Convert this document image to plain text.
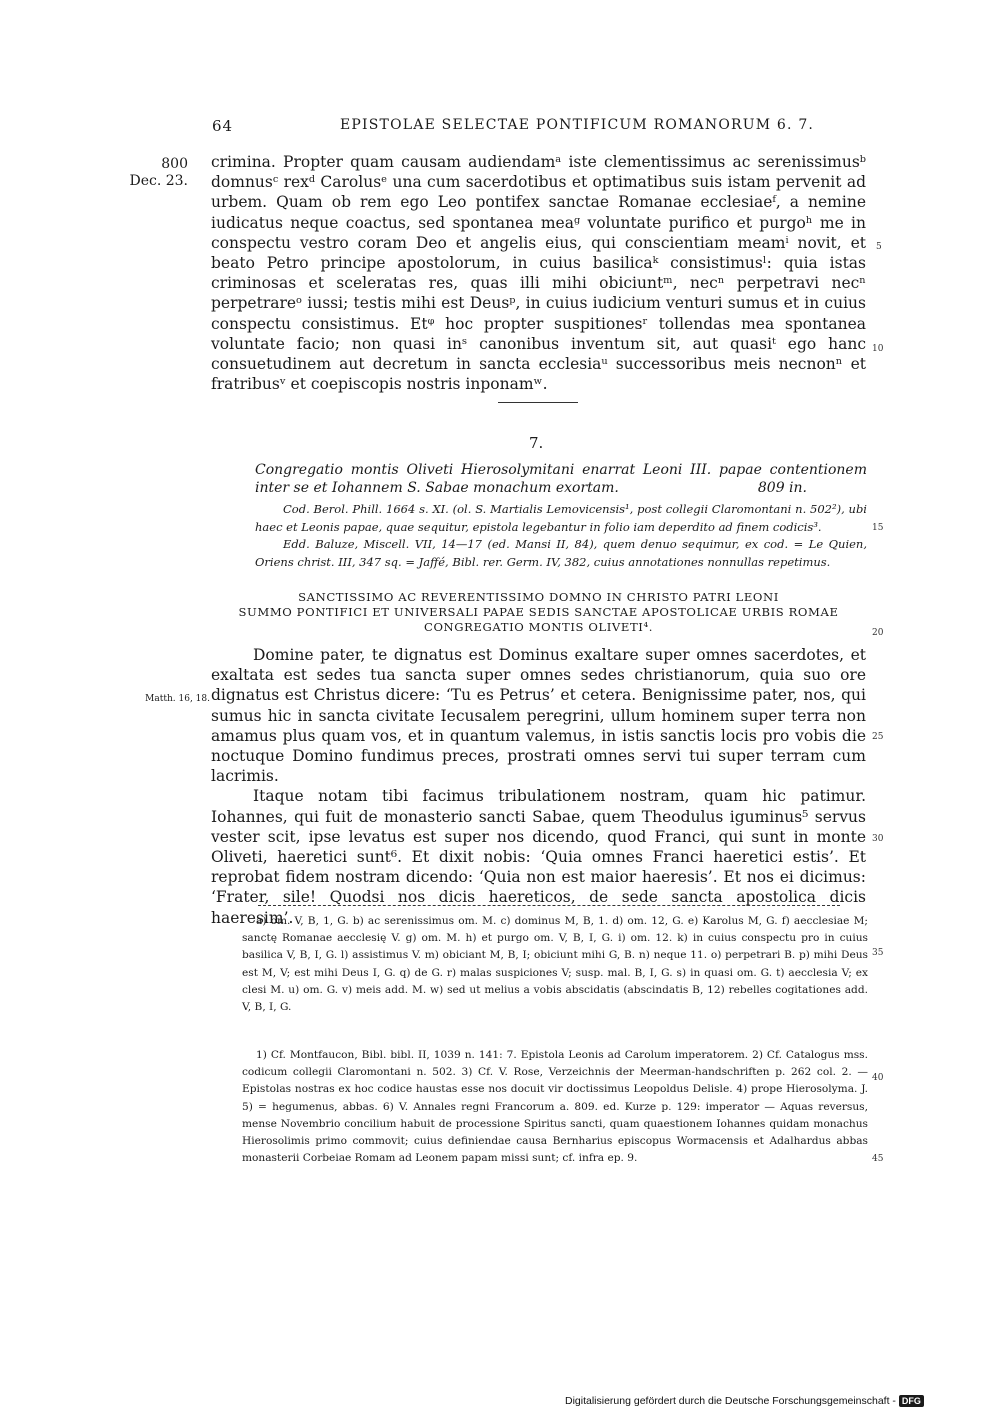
64	EPISTOLAE SELECTAE PONTIFICUM ROMANORUM 6. 7.
800
Dec. 23.
Matth. 16, 18.
5
10
15
20
25
30
35
40
45

crimina. Propter quam causam audiendamᵃ iste clementissimus ac serenissimusᵇ domnusᶜ rexᵈ Carolusᵉ una cum sacerdotibus et optimatibus suis istam pervenit ad urbem. Quam ob rem ego Leo pontifex sanctae Romanae ecclesiaeᶠ, a nemine iudicatus neque coactus, sed spontanea meaᵍ voluntate purifico et purgoʰ me in conspectu vestro coram Deo et angelis eius, qui conscientiam meamⁱ novit, et beato Petro principe apostolorum, in cuius basilicaᵏ consistimusˡ: quia istas criminosas et sceleratas res, quas illi mihi obiciuntᵐ, necⁿ perpetravi necⁿ perpetrareᵒ iussi; testis mihi est Deusᵖ, in cuius iudicium venturi sumus et in cuius conspectu consistimus. Etᵠ hoc propter suspitionesʳ tollendas mea spontanea voluntate facio; non quasi inˢ canonibus inventum sit, aut quasiᵗ ego hanc consuetudinem aut decretum in sancta ecclesiaᵘ successoribus meis necnonⁿ et fratribusᵛ et coepiscopis nostris inponamʷ.

7.
Congregatio montis Oliveti Hierosolymitani enarrat Leoni III. papae contentionem inter se et Iohannem S. Sabae monachum exortam.	809 in.

Cod. Berol. Phill. 1664 s. XI. (ol. S. Martialis Lemovicensis¹, post collegii Claromontani n. 502²), ubi haec et Leonis papae, quae sequitur, epistola legebantur in folio iam deperdito ad finem codicis³.

Edd. Baluze, Miscell. VII, 14—17 (ed. Mansi II, 84), quem denuo sequimur, ex cod. = Le Quien, Oriens christ. III, 347 sq. = Jaffé, Bibl. rer. Germ. IV, 382, cuius annotationes nonnullas repetimus.

SANCTISSIMO AC REVERENTISSIMO DOMNO IN CHRISTO PATRI LEONI

SUMMO PONTIFICI ET UNIVERSALI PAPAE SEDIS SANCTAE APOSTOLICAE URBIS ROMAE

CONGREGATIO MONTIS OLIVETI⁴.

Domine pater, te dignatus est Dominus exaltare super omnes sacerdotes, et exaltata est sedes tua sancta super omnes sedes christianorum, quia suo ore dignatus est Christus dicere: ‘Tu es Petrus’ et cetera. Benignissime pater, nos, qui sumus hic in sancta civitate Iecusalem peregrini, ullum hominem super terra non amamus plus quam vos, et in quantum valemus, in istis sanctis locis pro vobis die noctuque Domino fundimus preces, prostrati omnes servi tui super terram cum lacrimis.

Itaque notam tibi facimus tribulationem nostram, quam hic patimur. Iohannes, qui fuit de monasterio sancti Sabae, quem Theodulus iguminus⁵ servus vester scit, ipse levatus est super nos dicendo, quod Franci, qui sunt in monte Oliveti, haeretici sunt⁶. Et dixit nobis: ‘Quia omnes Franci haeretici estis’. Et reprobat fidem nostram dicendo: ‘Quia non est maior haeresis’. Et nos ei dicimus: ‘Frater, sile! Quodsi nos dicis haereticos, de sede sancta apostolica dicis haeresim’.

a) om. V, B, 1, G. b) ac serenissimus om. M. c) dominus M, B, 1. d) om. 12, G. e) Karolus M, G. f) aecclesiae M; sanctę Romanae aecclesię V. g) om. M. h) et purgo om. V, B, I, G. i) om. 12. k) in cuius conspectu pro in cuius basilica V, B, I, G. l) assistimus V. m) obiciant M, B, I; obiciunt mihi G, B. n) neque 11. o) perpetrari B. p) mihi Deus est M, V; est mihi Deus I, G. q) de G. r) malas suspiciones V; susp. mal. B, I, G. s) in quasi om. G. t) aecclesia V; ex clesi M. u) om. G. v) meis add. M. w) sed ut melius a vobis abscidatis (abscindatis B, 12) rebelles cogitationes add. V, B, I, G.

1) Cf. Montfaucon, Bibl. bibl. II, 1039 n. 141: 7. Epistola Leonis ad Carolum imperatorem. 2) Cf. Catalogus mss. codicum collegii Claromontani n. 502. 3) Cf. V. Rose, Verzeichnis der Meerman-handschriften p. 262 col. 2. — Epistolas nostras ex hoc codice haustas esse nos docuit vir doctissimus Leopoldus Delisle. 4) prope Hierosolyma. J. 5) = hegumenus, abbas. 6) V. Annales regni Francorum a. 809. ed. Kurze p. 129: imperator — Aquas reversus, mense Novembrio concilium habuit de processione Spiritus sancti, quam quaestionem Iohannes quidam monachus Hierosolimis primo commovit; cuius definiendae causa Bernharius episcopus Wormacensis et Adalhardus abbas monasterii Corbeiae Romam ad Leonem papam missi sunt; cf. infra ep. 9.

Digitalisierung gefördert durch die Deutsche Forschungsgemeinschaft - DFG
